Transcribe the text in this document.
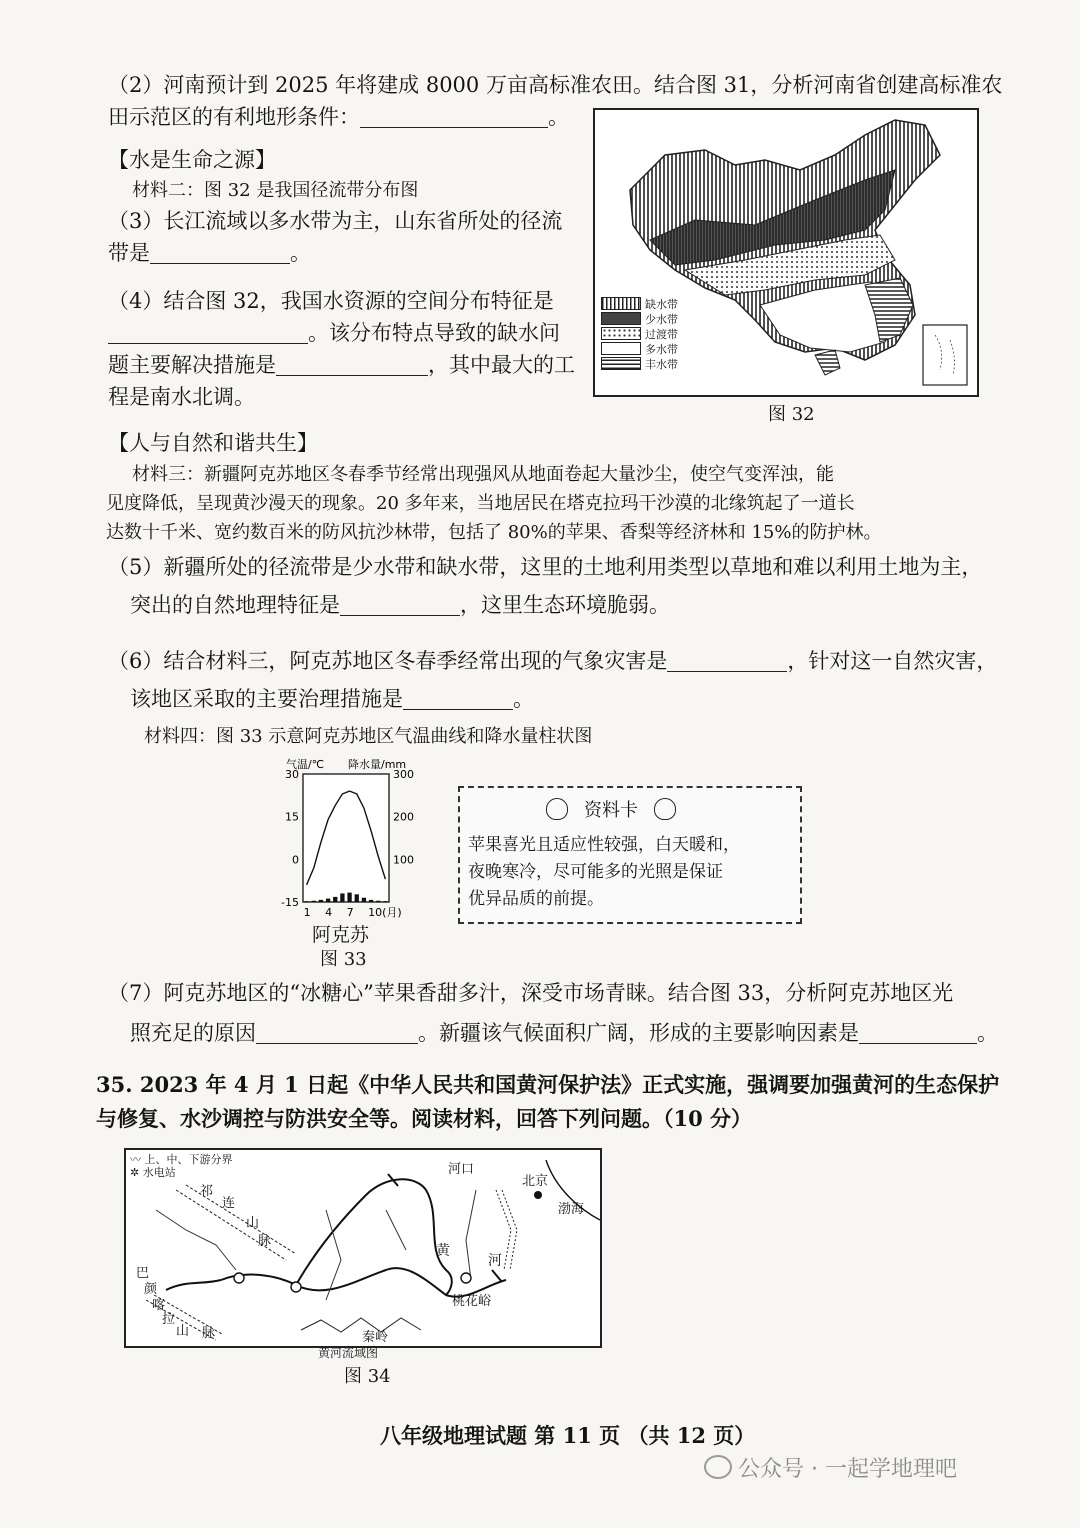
（2）河南预计到 2025 年将建成 8000 万亩高标准农田。结合图 31，分析河南省创建高标准农
田示范区的有利地形条件：	。
【水是生命之源】
材料二：图 32 是我国径流带分布图
（3）长江流域以多水带为主，山东省所处的径流
带是	。
（4）结合图 32，我国水资源的空间分布特征是
。该分布特点导致的缺水问
题主要解决措施是	，其中最大的工
程是南水北调。
缺水带
少水带
过渡带
多水带
丰水带
图 32
【人与自然和谐共生】
材料三：新疆阿克苏地区冬春季节经常出现强风从地面卷起大量沙尘，使空气变浑浊，能
见度降低，呈现黄沙漫天的现象。20 多年来，当地居民在塔克拉玛干沙漠的北缘筑起了一道长
达数十千米、宽约数百米的防风抗沙林带，包括了 80%的苹果、香梨等经济林和 15%的防护林。
（5）新疆所处的径流带是少水带和缺水带，这里的土地利用类型以草地和难以利用土地为主，
突出的自然地理特征是	，这里生态环境脆弱。
（6）结合材料三，阿克苏地区冬春季经常出现的气象灾害是	，针对这一自然灾害，
该地区采取的主要治理措施是	。
材料四：图 33 示意阿克苏地区气温曲线和降水量柱状图
气温/℃ 降水量/mm
30
15
0
-15
300
200
100
1 4 7 10(月)
阿克苏
图 33
资料卡
苹果喜光且适应性较强，白天暖和，
夜晚寒冷，尽可能多的光照是保证
优异品质的前提。
（7）阿克苏地区的“冰糖心”苹果香甜多汁，深受市场青睐。结合图 33，分析阿克苏地区光
照充足的原因	。新疆该气候面积广阔，形成的主要影响因素是	。
35. 2023 年 4 月 1 日起《中华人民共和国黄河保护法》正式实施，强调要加强黄河的生态保护
与修复、水沙调控与防洪安全等。阅读材料，回答下列问题。（10 分）
〰 上、中、下游分界
✲ 水电站	河口
北京
渤海
黄
河
桃花峪
秦岭
祁
连
山
脉
巴
颜
喀
拉
山 脉
黄河流域图
图 34
八年级地理试题 第 11 页 （共 12 页）
公众号 · 一起学地理吧
